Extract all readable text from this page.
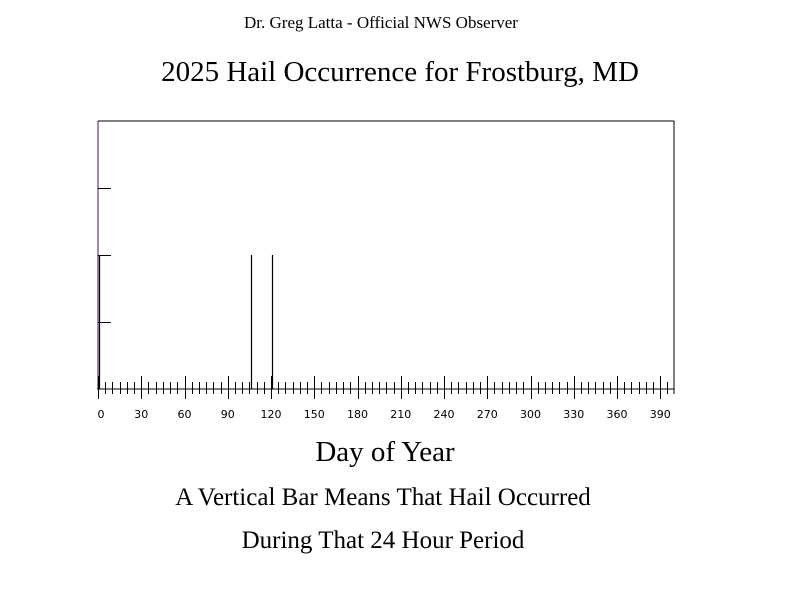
Dr. Greg Latta - Official NWS Observer
2025 Hail Occurrence for Frostburg, MD
0	30	60	90 120 150 180 210 240 270 300 330 360 390
Day of Year
A Vertical Bar Means That Hail Occurred
During That 24 Hour Period
